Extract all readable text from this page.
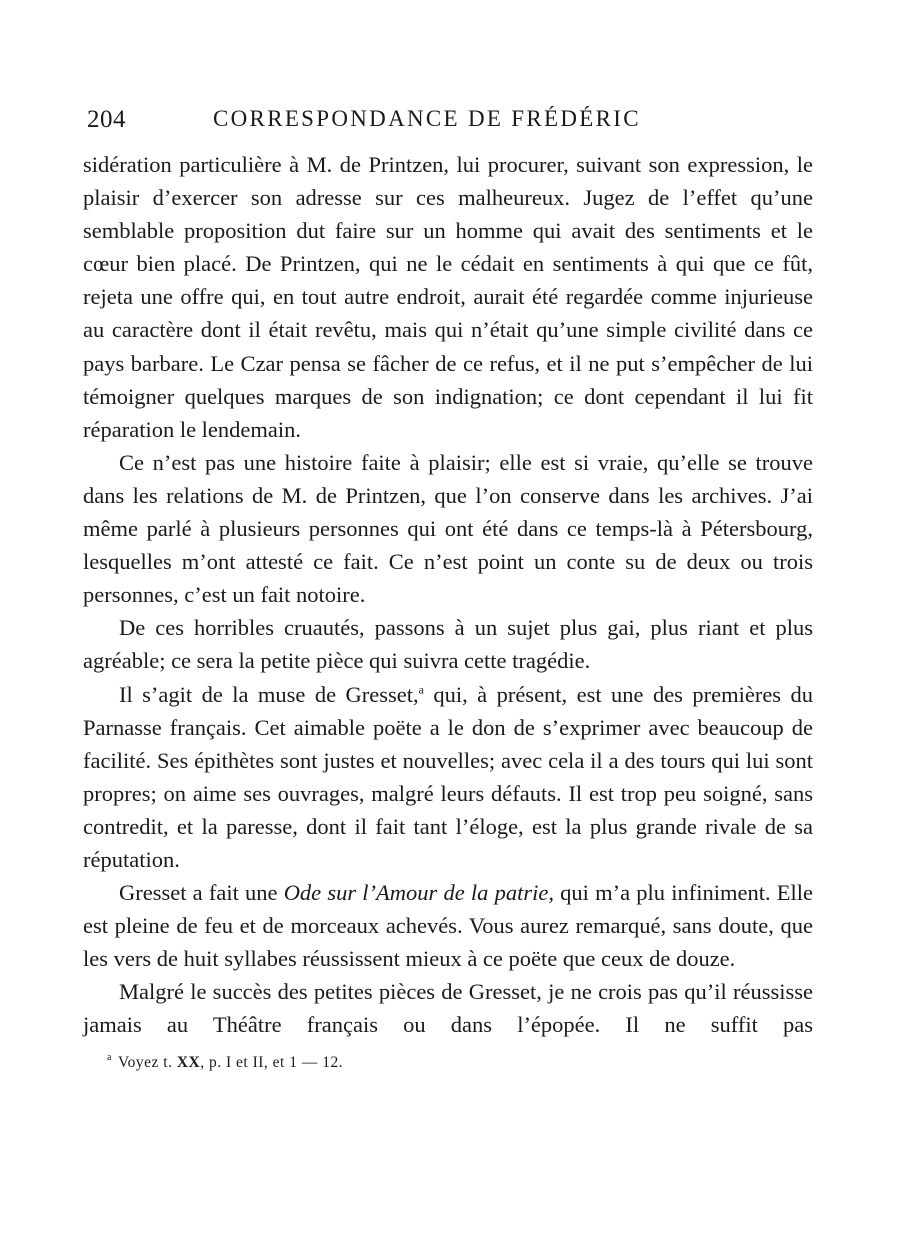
204	CORRESPONDANCE DE FRÉDÉRIC

sidération particulière à M. de Printzen, lui procurer, suivant son expression, le plaisir d’exercer son adresse sur ces malheureux. Jugez de l’effet qu’une semblable proposition dut faire sur un homme qui avait des sentiments et le cœur bien placé. De Printzen, qui ne le cédait en sentiments à qui que ce fût, rejeta une offre qui, en tout autre endroit, aurait été regardée comme injurieuse au caractère dont il était revêtu, mais qui n’était qu’une simple civilité dans ce pays barbare. Le Czar pensa se fâcher de ce refus, et il ne put s’empêcher de lui témoigner quelques marques de son indignation; ce dont cependant il lui fit réparation le lendemain.

Ce n’est pas une histoire faite à plaisir; elle est si vraie, qu’elle se trouve dans les relations de M. de Printzen, que l’on conserve dans les archives. J’ai même parlé à plusieurs personnes qui ont été dans ce temps-là à Pétersbourg, lesquelles m’ont attesté ce fait. Ce n’est point un conte su de deux ou trois personnes, c’est un fait notoire.

De ces horribles cruautés, passons à un sujet plus gai, plus riant et plus agréable; ce sera la petite pièce qui suivra cette tragédie.

Il s’agit de la muse de Gresset,$^a$ qui, à présent, est une des premières du Parnasse français. Cet aimable poëte a le don de s’exprimer avec beaucoup de facilité. Ses épithètes sont justes et nouvelles; avec cela il a des tours qui lui sont propres; on aime ses ouvrages, malgré leurs défauts. Il est trop peu soigné, sans contredit, et la paresse, dont il fait tant l’éloge, est la plus grande rivale de sa réputation.

Gresset a fait une Ode sur l’Amour de la patrie, qui m’a plu infiniment. Elle est pleine de feu et de morceaux achevés. Vous aurez remarqué, sans doute, que les vers de huit syllabes réussissent mieux à ce poëte que ceux de douze.

Malgré le succès des petites pièces de Gresset, je ne crois pas qu’il réussisse jamais au Théâtre français ou dans l’épopée. Il ne suffit pas

$^a$ Voyez t. XX, p. I et II, et 1 — 12.
